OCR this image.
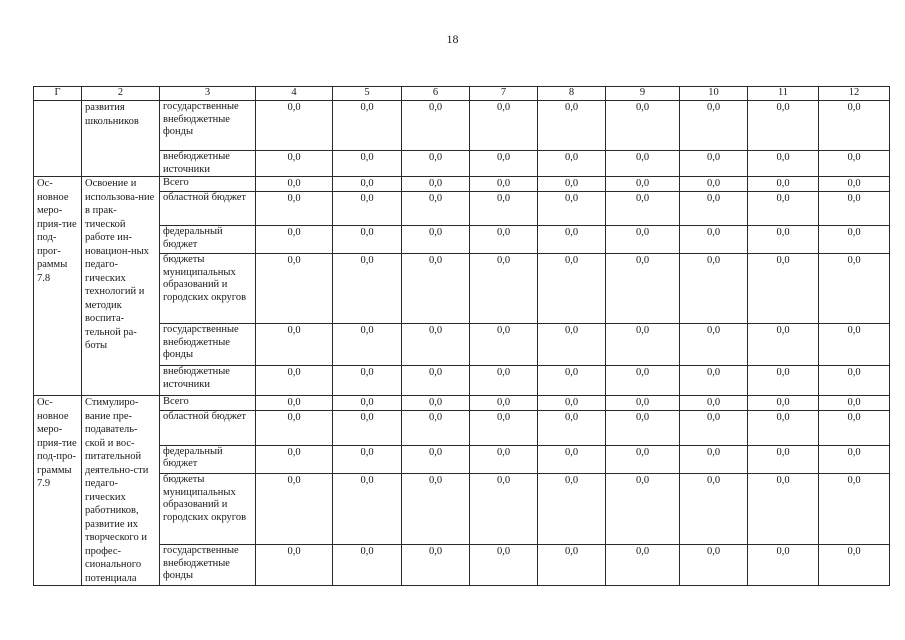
18
Г	2	3	4	5	6	7	8	9	10	11	12
	развития школьников	государственные внебюджетные фонды	0,0	0,0	0,0	0,0	0,0	0,0	0,0	0,0	0,0
		внебюджетные источники	0,0	0,0	0,0	0,0	0,0	0,0	0,0	0,0	0,0
Ос-новное меро-прия-тие под-прог-раммы 7.8	Освоение и использова-ние в прак-тической работе ин-новацион-ных педаго-гических технологий и методик воспита-тельной ра-боты	Всего	0,0	0,0	0,0	0,0	0,0	0,0	0,0	0,0	0,0
		областной бюджет	0,0	0,0	0,0	0,0	0,0	0,0	0,0	0,0	0,0
		федеральный бюджет	0,0	0,0	0,0	0,0	0,0	0,0	0,0	0,0	0,0
		бюджеты муниципальных образований и городских округов	0,0	0,0	0,0	0,0	0,0	0,0	0,0	0,0	0,0
		государственные внебюджетные фонды	0,0	0,0	0,0	0,0	0,0	0,0	0,0	0,0	0,0
		внебюджетные источники	0,0	0,0	0,0	0,0	0,0	0,0	0,0	0,0	0,0
Ос-новное меро-прия-тие под-про-граммы 7.9	Стимулиро-вание пре-подаватель-ской и вос-питательной деятельно-сти педаго-гических работников, развитие их творческого и профес-сионального потенциала	Всего	0,0	0,0	0,0	0,0	0,0	0,0	0,0	0,0	0,0
		областной бюджет	0,0	0,0	0,0	0,0	0,0	0,0	0,0	0,0	0,0
		федеральный бюджет	0,0	0,0	0,0	0,0	0,0	0,0	0,0	0,0	0,0
		бюджеты муниципальных образований и городских округов	0,0	0,0	0,0	0,0	0,0	0,0	0,0	0,0	0,0
		государственные внебюджетные фонды	0,0	0,0	0,0	0,0	0,0	0,0	0,0	0,0	0,0
